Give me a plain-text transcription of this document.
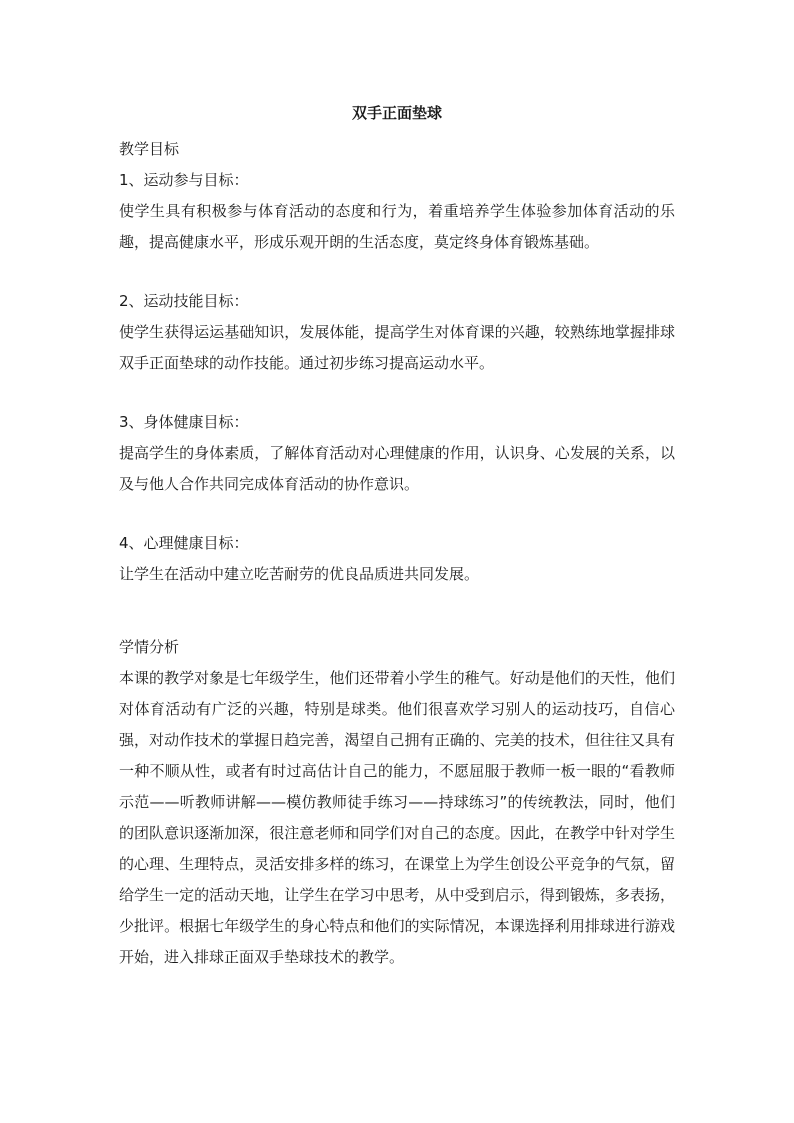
双手正面垫球
教学目标
1、运动参与目标：
使学生具有积极参与体育活动的态度和行为，着重培养学生体验参加体育活动的乐趣，提高健康水平，形成乐观开朗的生活态度，莫定终身体育锻炼基础。
2、运动技能目标：
使学生获得运运基础知识，发展体能，提高学生对体育课的兴趣，较熟练地掌握排球双手正面垫球的动作技能。通过初步练习提高运动水平。
3、身体健康目标：
提高学生的身体素质，了解体育活动对心理健康的作用，认识身、心发展的关系，以及与他人合作共同完成体育活动的协作意识。
4、心理健康目标：
让学生在活动中建立吃苦耐劳的优良品质进共同发展。
学情分析
本课的教学对象是七年级学生，他们还带着小学生的稚气。好动是他们的天性，他们对体育活动有广泛的兴趣，特别是球类。他们很喜欢学习别人的运动技巧，自信心强，对动作技术的掌握日趋完善，渴望自己拥有正确的、完美的技术，但往往又具有一种不顺从性，或者有时过高估计自己的能力，不愿屈服于教师一板一眼的“看教师示范——听教师讲解——模仿教师徒手练习——持球练习”的传统教法，同时，他们的团队意识逐渐加深，很注意老师和同学们对自己的态度。因此，在教学中针对学生的心理、生理特点，灵活安排多样的练习，在课堂上为学生创设公平竞争的气氛，留给学生一定的活动天地，让学生在学习中思考，从中受到启示，得到锻炼，多表扬，少批评。根据七年级学生的身心特点和他们的实际情况，本课选择利用排球进行游戏开始，进入排球正面双手垫球技术的教学。
